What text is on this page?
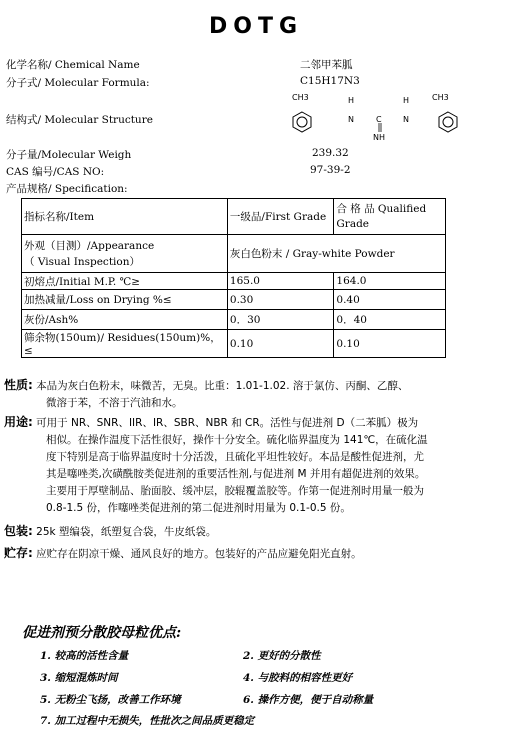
DOTG
化学名称/ Chemical Name	二邻甲苯胍
分子式/ Molecular Formula:	C15H17N3
结构式/ Molecular Structure
CH3	H
N	C
NH
H
N
CH3
分子量/Molecular Weigh	239.32
CAS 编号/CAS NO:	97-39-2
产品规格/ Specification:
指标名称/Item	一级品/First Grade	合 格 品 Qualified Grade
外观（目测）/Appearance
（ Visual Inspection）	灰白色粉末 / Gray-white Powder	
初熔点/Initial M.P. ℃≥	165.0	164.0
加热减量/Loss on Drying %≤	0.30	0.40
灰份/Ash%	0．30	0．40
筛余物(150um)/ Residues(150um)%，≤	0.10	0.10
性质: 本品为灰白色粉末，味微苦，无臭。比重：1.01-1.02. 溶于氯仿、丙酮、乙醇、
微溶于苯，不溶于汽油和水。
用途: 可用于 NR、SNR、IIR、IR、SBR、NBR 和 CR。活性与促进剂 D（二苯胍）极为
相似。在操作温度下活性很好，操作十分安全。硫化临界温度为 141℃，在硫化温
度下特别是高于临界温度时十分活泼，且硫化平坦性较好。本品是酸性促进剂，尤
其是噻唑类,次磺酰胺类促进剂的重要活性剂,与促进剂 M 并用有超促进剂的效果。
主要用于厚壁制品、胎面胶、缓冲层，胶辊覆盖胶等。作第一促进剂时用量一般为
0.8-1.5 份，作噻唑类促进剂的第二促进剂时用量为 0.1-0.5 份。
包装: 25k 塑编袋，纸塑复合袋，牛皮纸袋。
贮存: 应贮存在阴凉干燥、通风良好的地方。包装好的产品应避免阳光直射。
促进剂预分散胶母粒优点:
1. 较高的活性含量	2. 更好的分散性
3. 缩短混炼时间	4. 与胶料的相容性更好
5. 无粉尘飞扬，改善工作环境	6. 操作方便，便于自动称量
7. 加工过程中无损失，性批次之间品质更稳定
